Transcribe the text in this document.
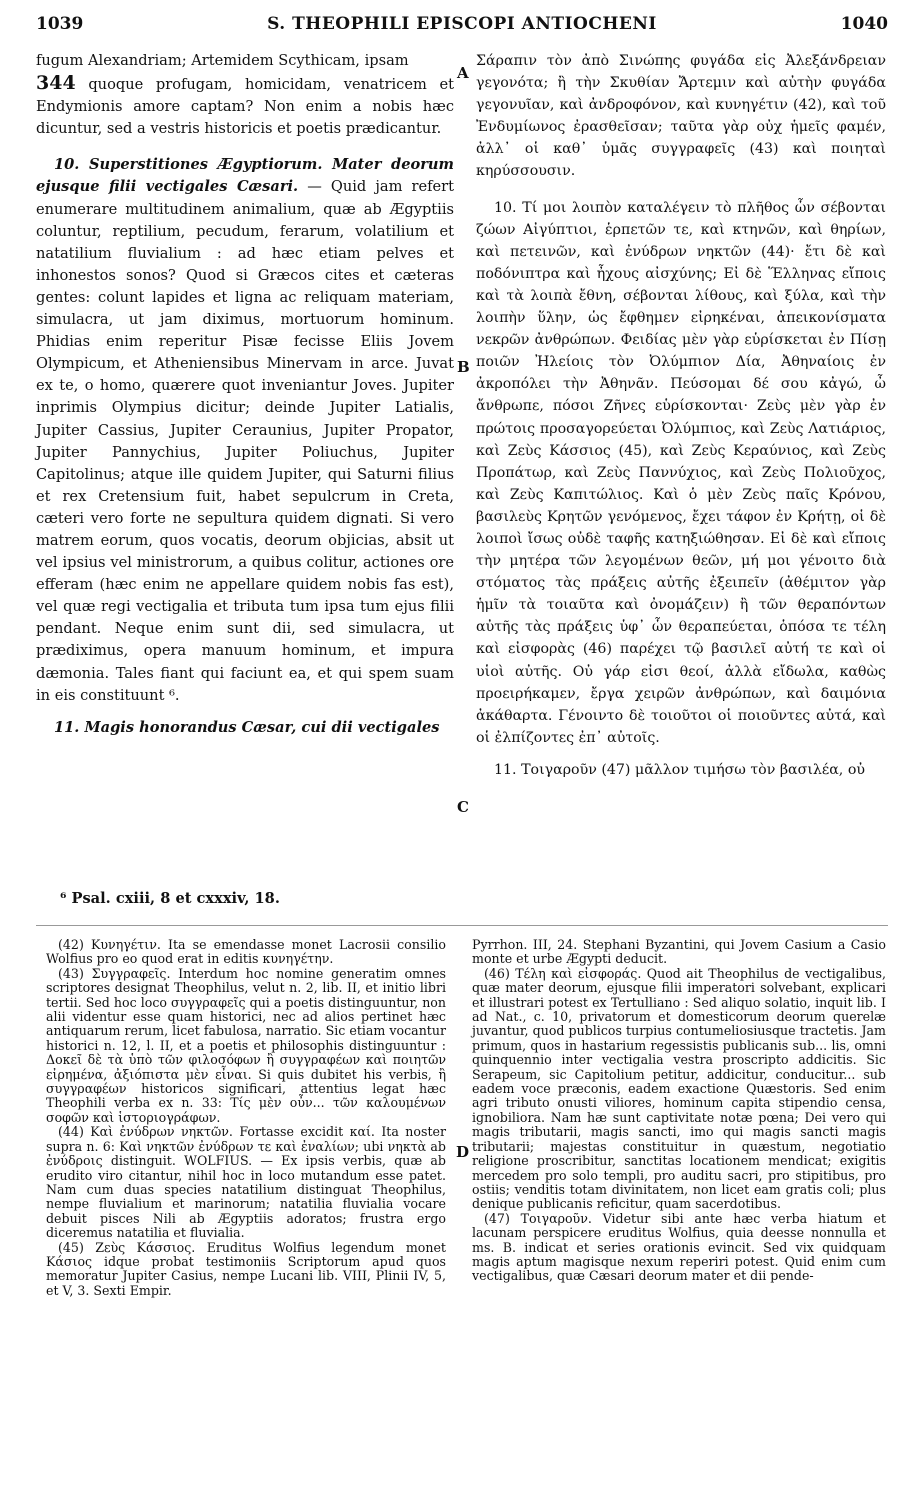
1039	S. THEOPHILI EPISCOPI ANTIOCHENI	1040

fugum Alexandriam; Artemidem Scythicam, ipsam
344 quoque profugam, homicidam, venatricem et Endymionis amore captam? Non enim a nobis hæc dicuntur, sed a vestris historicis et poetis prædicantur.

10. Superstitiones Ægyptiorum. Mater deorum ejusque filii vectigales Cæsari. — Quid jam refert enumerare multitudinem animalium, quæ ab Ægyptiis coluntur, reptilium, pecudum, ferarum, volatilium et natatilium fluvialium : ad hæc etiam pelves et inhonestos sonos? Quod si Græcos cites et cæteras gentes: colunt lapides et ligna ac reliquam materiam, simulacra, ut jam diximus, mortuorum hominum. Phidias enim reperitur Pisæ fecisse Eliis Jovem Olympicum, et Atheniensibus Minervam in arce. Juvat ex te, o homo, quærere quot inveniantur Joves. Jupiter inprimis Olympius dicitur; deinde Jupiter Latialis, Jupiter Cassius, Jupiter Ceraunius, Jupiter Propator, Jupiter Pannychius, Jupiter Poliuchus, Jupiter Capitolinus; atque ille quidem Jupiter, qui Saturni filius et rex Cretensium fuit, habet sepulcrum in Creta, cæteri vero forte ne sepultura quidem dignati. Si vero matrem eorum, quos vocatis, deorum objicias, absit ut vel ipsius vel ministrorum, a quibus colitur, actiones ore efferam (hæc enim ne appellare quidem nobis fas est), vel quæ regi vectigalia et tributa tum ipsa tum ejus filii pendant. Neque enim sunt dii, sed simulacra, ut prædiximus, opera manuum hominum, et impura dæmonia. Tales fiant qui faciunt ea, et qui spem suam in eis constituunt ⁶.

11. Magis honorandus Cæsar, cui dii vectigales

A
B
C
D

Σάραπιν τὸν ἀπὸ Σινώπης φυγάδα εἰς Ἀλεξάνδρειαν γεγονότα; ἢ τὴν Σκυθίαν Ἄρτεμιν καὶ αὐτὴν φυγάδα γεγονυῖαν, καὶ ἀνδροφόνον, καὶ κυνηγέτιν (42), καὶ τοῦ Ἐνδυμίωνος ἐρασθεῖσαν; ταῦτα γὰρ οὐχ ἡμεῖς φαμέν, ἀλλ᾽ οἱ καθ᾽ ὑμᾶς συγγραφεῖς (43) καὶ ποιηταὶ κηρύσσουσιν.

10. Τί μοι λοιπὸν καταλέγειν τὸ πλῆθος ὧν σέβονται ζώων Αἰγύπτιοι, ἑρπετῶν τε, καὶ κτηνῶν, καὶ θηρίων, καὶ πετεινῶν, καὶ ἐνύδρων νηκτῶν (44)· ἔτι δὲ καὶ ποδόνιπτρα καὶ ἦχους αἰσχύνης; Εἰ δὲ Ἕλληνας εἴποις καὶ τὰ λοιπὰ ἔθνη, σέβονται λίθους, καὶ ξύλα, καὶ τὴν λοιπὴν ὕλην, ὡς ἔφθημεν εἰρηκέναι, ἀπεικονίσματα νεκρῶν ἀνθρώπων. Φειδίας μὲν γὰρ εὑρίσκεται ἐν Πίσῃ ποιῶν Ἠλείοις τὸν Ὀλύμπιον Δία, Ἀθηναίοις ἐν ἀκροπόλει τὴν Ἀθηνᾶν. Πεύσομαι δέ σου κἀγώ, ὦ ἄνθρωπε, πόσοι Ζῆνες εὑρίσκονται· Ζεὺς μὲν γὰρ ἐν πρώτοις προσαγορεύεται Ὀλύμπιος, καὶ Ζεὺς Λατιάριος, καὶ Ζεὺς Κάσσιος (45), καὶ Ζεὺς Κεραύνιος, καὶ Ζεὺς Προπάτωρ, καὶ Ζεὺς Παννύχιος, καὶ Ζεὺς Πολιοῦχος, καὶ Ζεὺς Καπιτώλιος. Καὶ ὁ μὲν Ζεὺς παῖς Κρόνου, βασιλεὺς Κρητῶν γενόμενος, ἔχει τάφον ἐν Κρήτῃ, οἱ δὲ λοιποὶ ἴσως οὐδὲ ταφῆς κατηξιώθησαν. Εἰ δὲ καὶ εἴποις τὴν μητέρα τῶν λεγομένων θεῶν, μή μοι γένοιτο διὰ στόματος τὰς πράξεις αὐτῆς ἐξειπεῖν (ἀθέμιτον γὰρ ἡμῖν τὰ τοιαῦτα καὶ ὀνομάζειν) ἢ τῶν θεραπόντων αὐτῆς τὰς πράξεις ὑφ᾽ ὧν θεραπεύεται, ὁπόσα τε τέλη καὶ εἰσφορὰς (46) παρέχει τῷ βασιλεῖ αὐτή τε καὶ οἱ υἱοὶ αὐτῆς. Οὐ γάρ εἰσι θεοί, ἀλλὰ εἴδωλα, καθὼς προειρήκαμεν, ἔργα χειρῶν ἀνθρώπων, καὶ δαιμόνια ἀκάθαρτα. Γένοιντο δὲ τοιοῦτοι οἱ ποιοῦντες αὐτά, καὶ οἱ ἐλπίζοντες ἐπ᾽ αὐτοῖς.

11. Τοιγαροῦν (47) μᾶλλον τιμήσω τὸν βασιλέα, οὐ

⁶ Psal. cxiii, 8 et cxxxiv, 18.

(42) Κυνηγέτιν. Ita se emendasse monet Lacrosii consilio Wolfius pro eo quod erat in editis κυνηγέτην.

(43) Συγγραφεῖς. Interdum hoc nomine generatim omnes scriptores designat Theophilus, velut n. 2, lib. II, et initio libri tertii. Sed hoc loco συγγραφεῖς qui a poetis distinguuntur, non alii videntur esse quam historici, nec ad alios pertinet hæc antiquarum rerum, licet fabulosa, narratio. Sic etiam vocantur historici n. 12, l. II, et a poetis et philosophis distinguuntur : Δοκεῖ δὲ τὰ ὑπὸ τῶν φιλοσόφων ἢ συγγραφέων καὶ ποιητῶν εἰρημένα, ἀξιόπιστα μὲν εἶναι. Si quis dubitet his verbis, ἢ συγγραφέων historicos significari, attentius legat hæc Theophili verba ex n. 33: Τίς μὲν οὖν... τῶν καλουμένων σοφῶν καὶ ἱστοριογράφων.

(44) Καὶ ἐνύδρων νηκτῶν. Fortasse excidit καί. Ita noster supra n. 6: Καὶ νηκτῶν ἐνύδρων τε καὶ ἐναλίων; ubi νηκτὰ ab ἐνύδροις distinguit. WOLFIUS. — Ex ipsis verbis, quæ ab erudito viro citantur, nihil hoc in loco mutandum esse patet. Nam cum duas species natatilium distinguat Theophilus, nempe fluvialium et marinorum; natatilia fluvialia vocare debuit pisces Nili ab Ægyptiis adoratos; frustra ergo diceremus natatilia et fluvialia.

(45) Ζεὺς Κάσσιος. Eruditus Wolfius legendum monet Κάσιος idque probat testimoniis Scriptorum apud quos memoratur Jupiter Casius, nempe Lucani lib. VIII, Plinii IV, 5, et V, 3. Sexti Empir.

Pyrrhon. III, 24. Stephani Byzantini, qui Jovem Casium a Casio monte et urbe Ægypti deducit.

(46) Τέλη καὶ εἰσφοράς. Quod ait Theophilus de vectigalibus, quæ mater deorum, ejusque filii imperatori solvebant, explicari et illustrari potest ex Tertulliano : Sed aliquo solatio, inquit lib. I ad Nat., c. 10, privatorum et domesticorum deorum querelæ juvantur, quod publicos turpius contumeliosiusque tractetis. Jam primum, quos in hastarium regessistis publicanis sub... lis, omni quinquennio inter vectigalia vestra proscripto addicitis. Sic Serapeum, sic Capitolium petitur, addicitur, conducitur... sub eadem voce præconis, eadem exactione Quæstoris. Sed enim agri tributo onusti viliores, hominum capita stipendio censa, ignobiliora. Nam hæ sunt captivitate notæ pœna; Dei vero qui magis tributarii, magis sancti, imo qui magis sancti magis tributarii; majestas constituitur in quæstum, negotiatio religione proscribitur, sanctitas locationem mendicat; exigitis mercedem pro solo templi, pro auditu sacri, pro stipitibus, pro ostiis; venditis totam divinitatem, non licet eam gratis coli; plus denique publicanis reficitur, quam sacerdotibus.

(47) Τοιγαροῦν. Videtur sibi ante hæc verba hiatum et lacunam perspicere eruditus Wolfius, quia deesse nonnulla et ms. B. indicat et series orationis evincit. Sed vix quidquam magis aptum magisque nexum reperiri potest. Quid enim cum vectigalibus, quæ Cæsari deorum mater et dii pende-
